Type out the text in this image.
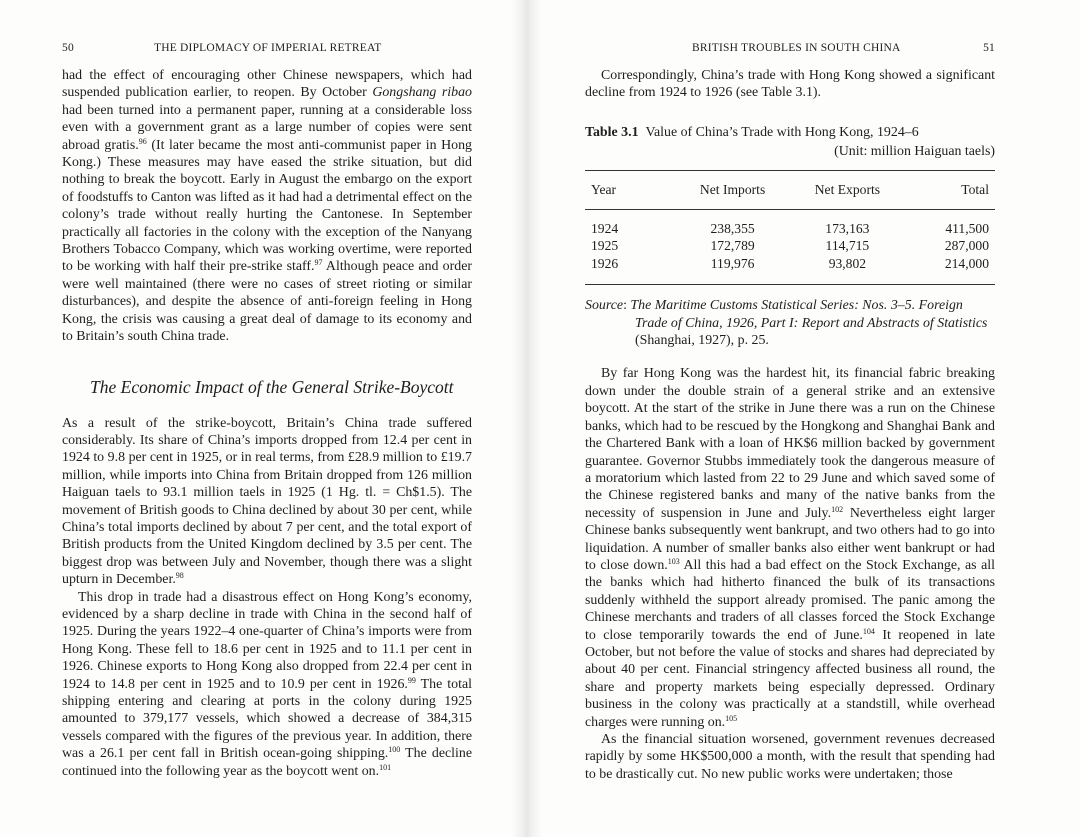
50	THE DIPLOMACY OF IMPERIAL RETREAT

had the effect of encouraging other Chinese newspapers, which had suspended publication earlier, to reopen. By October Gongshang ribao had been turned into a permanent paper, running at a considerable loss even with a government grant as a large number of copies were sent abroad gratis.$^{96}$ (It later became the most anti-communist paper in Hong Kong.) These measures may have eased the strike situation, but did nothing to break the boycott. Early in August the embargo on the export of foodstuffs to Canton was lifted as it had had a detrimental effect on the colony’s trade without really hurting the Cantonese. In September practically all factories in the colony with the exception of the Nanyang Brothers Tobacco Company, which was working overtime, were reported to be working with half their pre-strike staff.$^{97}$ Although peace and order were well maintained (there were no cases of street rioting or similar disturbances), and despite the absence of anti-foreign feeling in Hong Kong, the crisis was causing a great deal of damage to its economy and to Britain’s south China trade.

The Economic Impact of the General Strike-Boycott

As a result of the strike-boycott, Britain’s China trade suffered considerably. Its share of China’s imports dropped from 12.4 per cent in 1924 to 9.8 per cent in 1925, or in real terms, from £28.9 million to £19.7 million, while imports into China from Britain dropped from 126 million Haiguan taels to 93.1 million taels in 1925 (1 Hg. tl. = Ch$1.5). The movement of British goods to China declined by about 30 per cent, while China’s total imports declined by about 7 per cent, and the total export of British products from the United Kingdom declined by 3.5 per cent. The biggest drop was between July and November, though there was a slight upturn in December.$^{98}$

This drop in trade had a disastrous effect on Hong Kong’s economy, evidenced by a sharp decline in trade with China in the second half of 1925. During the years 1922–4 one-quarter of China’s imports were from Hong Kong. These fell to 18.6 per cent in 1925 and to 11.1 per cent in 1926. Chinese exports to Hong Kong also dropped from 22.4 per cent in 1924 to 14.8 per cent in 1925 and to 10.9 per cent in 1926.99 The total shipping entering and clearing at ports in the colony during 1925 amounted to 379,177 vessels, which showed a decrease of 384,315 vessels compared with the figures of the previous year. In addition, there was a 26.1 per cent fall in British ocean-going shipping.$^{100}$ The decline continued into the following year as the boycott went on.$^{101}$

BRITISH TROUBLES IN SOUTH CHINA	51

Correspondingly, China’s trade with Hong Kong showed a significant decline from 1924 to 1926 (see Table 3.1).

Table 3.1 Value of China’s Trade with Hong Kong, 1924–6
(Unit: million Haiguan taels)
Year	Net Imports	Net Exports	Total
1924	238,355	173,163	411,500
1925	172,789	114,715	287,000
1926	119,976	93,802	214,000

Source: The Maritime Customs Statistical Series: Nos. 3–5. Foreign Trade of China, 1926, Part I: Report and Abstracts of Statistics (Shanghai, 1927), p. 25.

By far Hong Kong was the hardest hit, its financial fabric breaking down under the double strain of a general strike and an extensive boycott. At the start of the strike in June there was a run on the Chinese banks, which had to be rescued by the Hongkong and Shanghai Bank and the Chartered Bank with a loan of HK$6 million backed by government guarantee. Governor Stubbs immediately took the dangerous measure of a moratorium which lasted from 22 to 29 June and which saved some of the Chinese registered banks and many of the native banks from the necessity of suspension in June and July.$^{102}$ Nevertheless eight larger Chinese banks subsequently went bankrupt, and two others had to go into liquidation. A number of smaller banks also either went bankrupt or had to close down.$^{103}$ All this had a bad effect on the Stock Exchange, as all the banks which had hitherto financed the bulk of its transactions suddenly withheld the support already promised. The panic among the Chinese merchants and traders of all classes forced the Stock Exchange to close temporarily towards the end of June.$^{104}$ It reopened in late October, but not before the value of stocks and shares had depreciated by about 40 per cent. Financial stringency affected business all round, the share and property markets being especially depressed. Ordinary business in the colony was practically at a standstill, while overhead charges were running on.$^{105}$

As the financial situation worsened, government revenues decreased rapidly by some HK$500,000 a month, with the result that spending had to be drastically cut. No new public works were undertaken; those
